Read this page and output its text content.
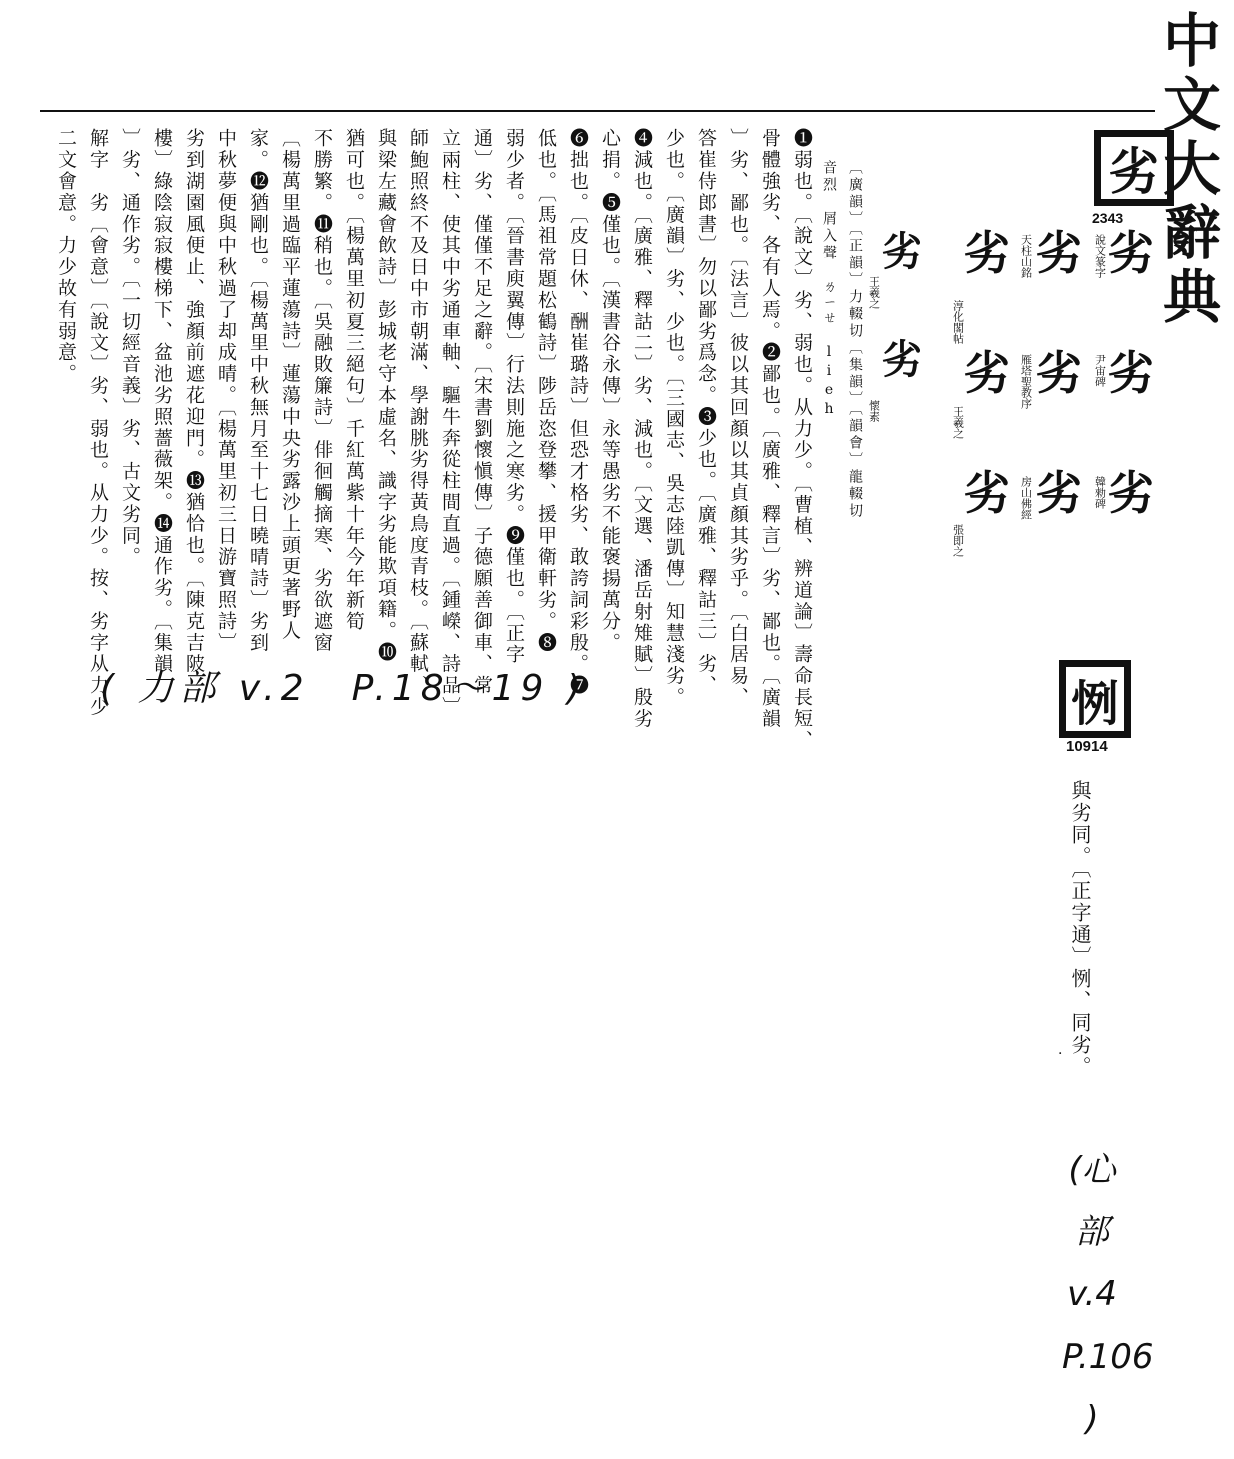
中文大辭典
劣
2343
劣
說文篆字
劣
尹宙碑
劣
韓勑碑
劣
天柱山銘
劣
雁塔聖教序
劣
房山佛經
劣
淳化閣帖
劣
王羲之
劣
張即之
劣
王羲之
劣
懷素
〔廣韻〕〔正韻〕力輟切〔集韻〕〔韻會〕龍輟切
音烈　屑入聲　ㄌㄧㄝ　lieh
❶弱也。〔說文〕劣、弱也。从力少。〔曹植、辨道論〕壽命長短、
骨體強劣、各有人焉。❷鄙也。〔廣雅、釋言〕劣、鄙也。〔廣韻
〕劣、鄙也。〔法言〕彼以其回顏以其貞顏其劣乎。〔白居易、
答崔侍郎書〕勿以鄙劣爲念。❸少也。〔廣雅、釋詁三〕劣、
少也。〔廣韻〕劣、少也。〔三國志、吳志陸凱傳〕知慧淺劣。
❹減也。〔廣雅、釋詁二〕劣、減也。〔文選、潘岳射雉賦〕殷劣
心捐。❺僅也。〔漢書谷永傳〕永等愚劣不能褒揚萬分。
❻拙也。〔皮日休、酬崔璐詩〕但恐才格劣、敢誇詞彩殷。❼
低也。〔馬祖常題松鶴詩〕陟岳恣登攀、援甲衛軒劣。❽
弱少者。〔晉書庾翼傳〕行法則施之寒劣。❾僅也。〔正字
通〕劣、僅僅不足之辭。〔宋書劉懷愼傳〕子德願善御車、常
立兩柱、使其中劣通車軸、驅牛奔從柱間直過。〔鍾嶸、詩品〕
師鮑照終不及日中市朝滿、學謝朓劣得黃鳥度青枝。〔蘇軾、
與梁左藏會飲詩〕彭城老守本虛名、識字劣能欺項籍。❿
猶可也。〔楊萬里初夏三絕句〕千紅萬紫十年今年新筍
不勝繁。⓫稍也。〔吳融敗簾詩〕俳徊觸摘寒、劣欲遮窗
〔楊萬里過臨平蓮蕩詩〕蓮蕩中央劣露沙上頭更著野人
家。⓬猶剛也。〔楊萬里中秋無月至十七日曉晴詩〕劣到
中秋夢便與中秋過了却成晴。〔楊萬里初三日游寶照詩〕
劣到湖園風便止、強顏前遮花迎門。⓭猶恰也。〔陳克吉陂
樓〕綠陰寂寂樓梯下、盆池劣照薔薇架。⓮通作劣。〔集韻
〕劣、通作劣。〔一切經音義〕劣、古文劣同。
解字　劣〔會意〕〔說文〕劣、弱也。从力少。按、劣字从力少
二文會意。力少故有弱意。
( 力部 v.2　P.18～19 )	㤡
10914
與劣同。〔正字通〕㤡、同劣。
·
(心
部
v.4
P.106
)
